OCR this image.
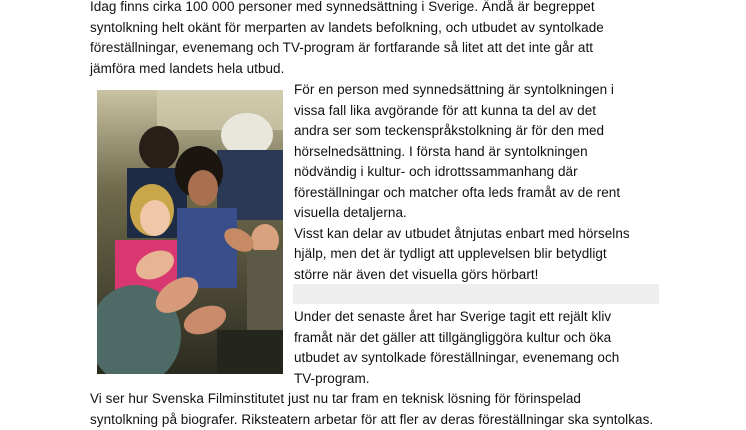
Idag finns cirka 100 000 personer med synnedsättning i Sverige. Ändå är begreppet
syntolkning helt okänt för merparten av landets befolkning, och utbudet av syntolkade
föreställningar, evenemang och TV-program är fortfarande så litet att det inte går att
jämföra med landets hela utbud.
För en person med synnedsättning är syntolkningen i
vissa fall lika avgörande för att kunna ta del av det
andra ser som teckenspråkstolkning är för den med
hörselnedsättning. I första hand är syntolkningen
nödvändig i kultur- och idrottssammanhang där
föreställningar och matcher ofta leds framåt av de rent
visuella detaljerna.
Visst kan delar av utbudet åtnjutas enbart med hörselns
hjälp, men det är tydligt att upplevelsen blir betydligt
större när även det visuella görs hörbart!
Under det senaste året har Sverige tagit ett rejält kliv
framåt när det gäller att tillgängliggöra kultur och öka
utbudet av syntolkade föreställningar, evenemang och
TV-program.
Vi ser hur Svenska Filminstitutet just nu tar fram en teknisk lösning för förinspelad
syntolkning på biografer. Riksteatern arbetar för att fler av deras föreställningar ska syntolkas.
